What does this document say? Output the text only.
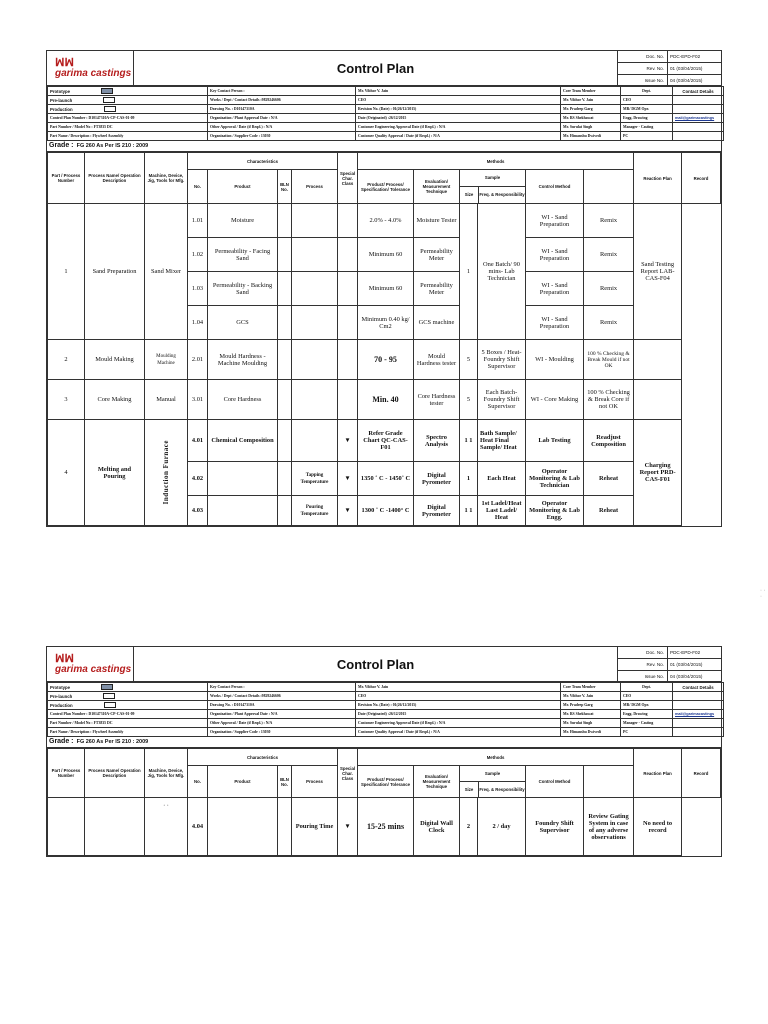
ꟽꟽ
garima castings	Control Plan
Doc. No.	PDC-EPD-F02
Rev. No.	01 (03/04/2015)
Issue No.	04 (03/04/2015)
Prototype	Key Contact Person :	Mr. Vibhor V. Jain	Core Team Member	Dept.	Contact Details
Pre-launch	Works / Dept / Contact Details :9829246606	CEO	Mr. Vibhor V. Jain	CEO	
Production	Drawing No. : D10147310A	Revision No. (Date) : 01(26/12/2015)	Mr. Pradeep Garg	MR/ DGM Opr.	
Control Plan Number : D10147310A-CP-CAS-01-09	Organization / Plant Approval Date : N/A	Date (Originated) :26/12/2015	Mr. RS Shekhawat	Engg. Drawing	mail@garimacastings
Part Number / Model No : FT3835 DC	Other Approval / Date (if Reqd.) : N/A	Customer Engineering Approval Date (if Reqd.) : N/A	Mr. Surulat Singh	Manager - Casting	
Part Name / Description : Flywheel Assembly	Organization / Supplier Code : 13030	Customer Quality Approval / Date (if Reqd.) : N/A	Mr. Himanshu Dwivedi	PC	
Grade : FG 260 As Per IS 210 : 2009
Part / Process Number	Process Name/ Operation Description	Machine, Device, Jig, Tools for Mfg.	Characteristics				Special Char. Class	Methods						Reaction Plan	Record
			No.	Product	BLN No.	Process		Product/ Process/ Specification/ Tolerance	Evaluation/ Measurement Technique	Sample
Size Freq. & Responsibility		Control Method			
1	Sand Preparation	Sand Mixer	1.01	Moisture				2.0% - 4.0%	Moisture Tester	1	One Batch/ 90 mins- Lab Technician	WI - Sand Preparation	Remix	Sand Testing Report LAB-CAS-F04	
			1.02	Permeability - Facing Sand				Minimum 60	Permeability Meter			WI - Sand Preparation	Remix		
			1.03	Permeability - Backing Sand				Minimum 60	Permeability Meter			WI - Sand Preparation	Remix		
			1.04	GCS				Minimum 0.40 kg/ Cm2	GCS machine			WI - Sand Preparation	Remix		
2	Mould Making	Moulding Machine	2.01	Mould Hardness - Machine Moulding				70 - 95	Mould Hardness tester	5	5 Boxes / Heat- Foundry Shift Supervisor	WI - Moulding	100 % Checking & Break Mould if not OK		
3	Core Making	Manual	3.01	Core Hardness				Min. 40	Core Hardness tester	5	Each Batch- Foundry Shift Supervisor	WI - Core Making	100 % Checking & Break Core if not OK		
4	Melting and Pouring	Induction Furnace	4.01	Chemical Composition			▼	Refer Grade Chart QC-CAS-F01	Spectro Analysis	1 1	Bath Sample/ Heat Final Sample/ Heat	Lab Testing	Readjust Composition	Charging Report PRD-CAS-F01	
			4.02			Tapping Temperature	▼	1350 ˚ C - 1450˚ C	Digital Pyrometer	1	Each Heat	Operator Monitoring & Lab Technician	Reheat		
			4.03			Pouring Temperature	▼	1300 ˚ C -1400° C	Digital Pyrometer	1 1	1st Ladel/Heat Last Ladel/ Heat	Operator Monitoring & Lab Engg.	Reheat		
· · ·
ꟽꟽ
garima castings	Control Plan
Doc. No.	PDC-EPD-F02
Rev. No.	01 (03/04/2015)
Issue No.	04 (03/04/2015)
Prototype	Key Contact Person :	Mr. Vibhor V. Jain	Core Team Member	Dept.	Contact Details
Pre-launch	Works / Dept / Contact Details :9829246606	CEO	Mr. Vibhor V. Jain	CEO	
Production	Drawing No. : D10147310A	Revision No. (Date) : 01(26/12/2015)	Mr. Pradeep Garg	MR/ DGM Opr.	
Control Plan Number : D10147310A-CP-CAS-01-09	Organization / Plant Approval Date : N/A	Date (Originated) :26/12/2015	Mr. RS Shekhawat	Engg. Drawing	mail@garimacastings
Part Number / Model No : FT3835 DC	Other Approval / Date (if Reqd.) : N/A	Customer Engineering Approval Date (if Reqd.) : N/A	Mr. Surulat Singh	Manager - Casting	
Part Name / Description : Flywheel Assembly	Organization / Supplier Code : 13030	Customer Quality Approval / Date (if Reqd.) : N/A	Mr. Himanshu Dwivedi	PC	
Grade : FG 260 As Per IS 210 : 2009
Part / Process Number	Process Name/ Operation Description	Machine, Device, Jig, Tools for Mfg.	Characteristics				Special Char. Class	Methods						Reaction Plan	Record
			No.	Product	BLN No.	Process		Product/ Process/ Specification/ Tolerance	Evaluation/ Measurement Technique	Sample
Size Freq. & Responsibility		Control Method			
		· ·	4.04			Pouring Time	▼	15-25 mins	Digital Wall Clock	2	2 / day	Foundry Shift Supervisor	Review Gating System in case of any adverse observations	No need to record	
